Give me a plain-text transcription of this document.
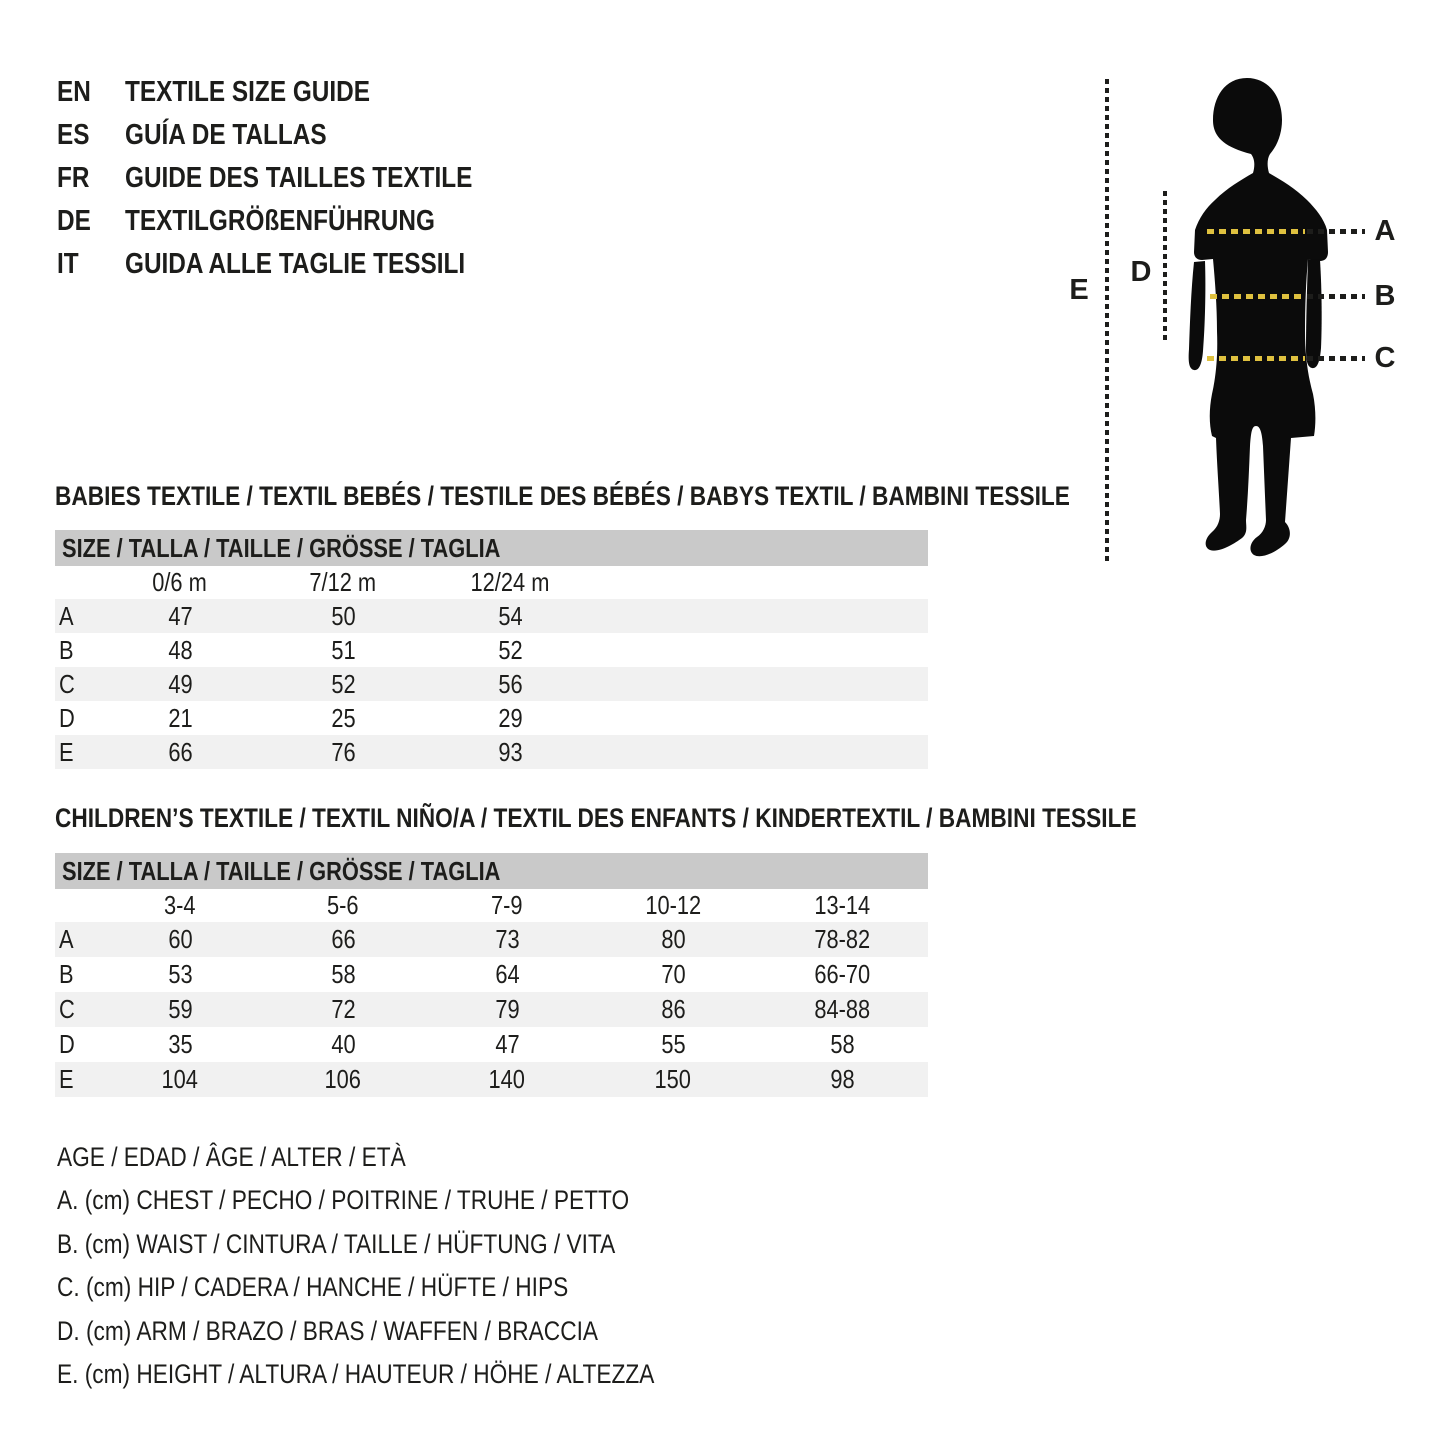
EN	TEXTILE SIZE GUIDE
ES	GUÍA DE TALLAS
FR	GUIDE DES TAILLES TEXTILE
DE	TEXTILGRÖßENFÜHRUNG
IT	GUIDA ALLE TAGLIE TESSILI
E
D
A
B
C
BABIES TEXTILE / TEXTIL BEBÉS / TESTILE DES BÉBÉS / BABYS TEXTIL / BAMBINI TESSILE
SIZE / TALLA / TAILLE / GRÖSSE / TAGLIA
0/6 m	7/12 m	12/24 m
A	47	50	54
B	48	51	52
C	49	52	56
D	21	25	29
E	66	76	93
CHILDREN’S TEXTILE / TEXTIL NIÑO/A / TEXTIL DES ENFANTS / KINDERTEXTIL / BAMBINI TESSILE
SIZE / TALLA / TAILLE / GRÖSSE / TAGLIA
3-4	5-6	7-9	10-12	13-14
A	60	66	73	80	78-82
B	53	58	64	70	66-70
C	59	72	79	86	84-88
D	35	40	47	55	58
E	104	106	140	150	98
AGE / EDAD / ÂGE / ALTER / ETÀ
A. (cm) CHEST / PECHO / POITRINE / TRUHE / PETTO
B. (cm) WAIST / CINTURA / TAILLE / HÜFTUNG / VITA
C. (cm) HIP / CADERA / HANCHE / HÜFTE / HIPS
D. (cm) ARM / BRAZO / BRAS / WAFFEN / BRACCIA
E. (cm) HEIGHT / ALTURA / HAUTEUR / HÖHE / ALTEZZA
